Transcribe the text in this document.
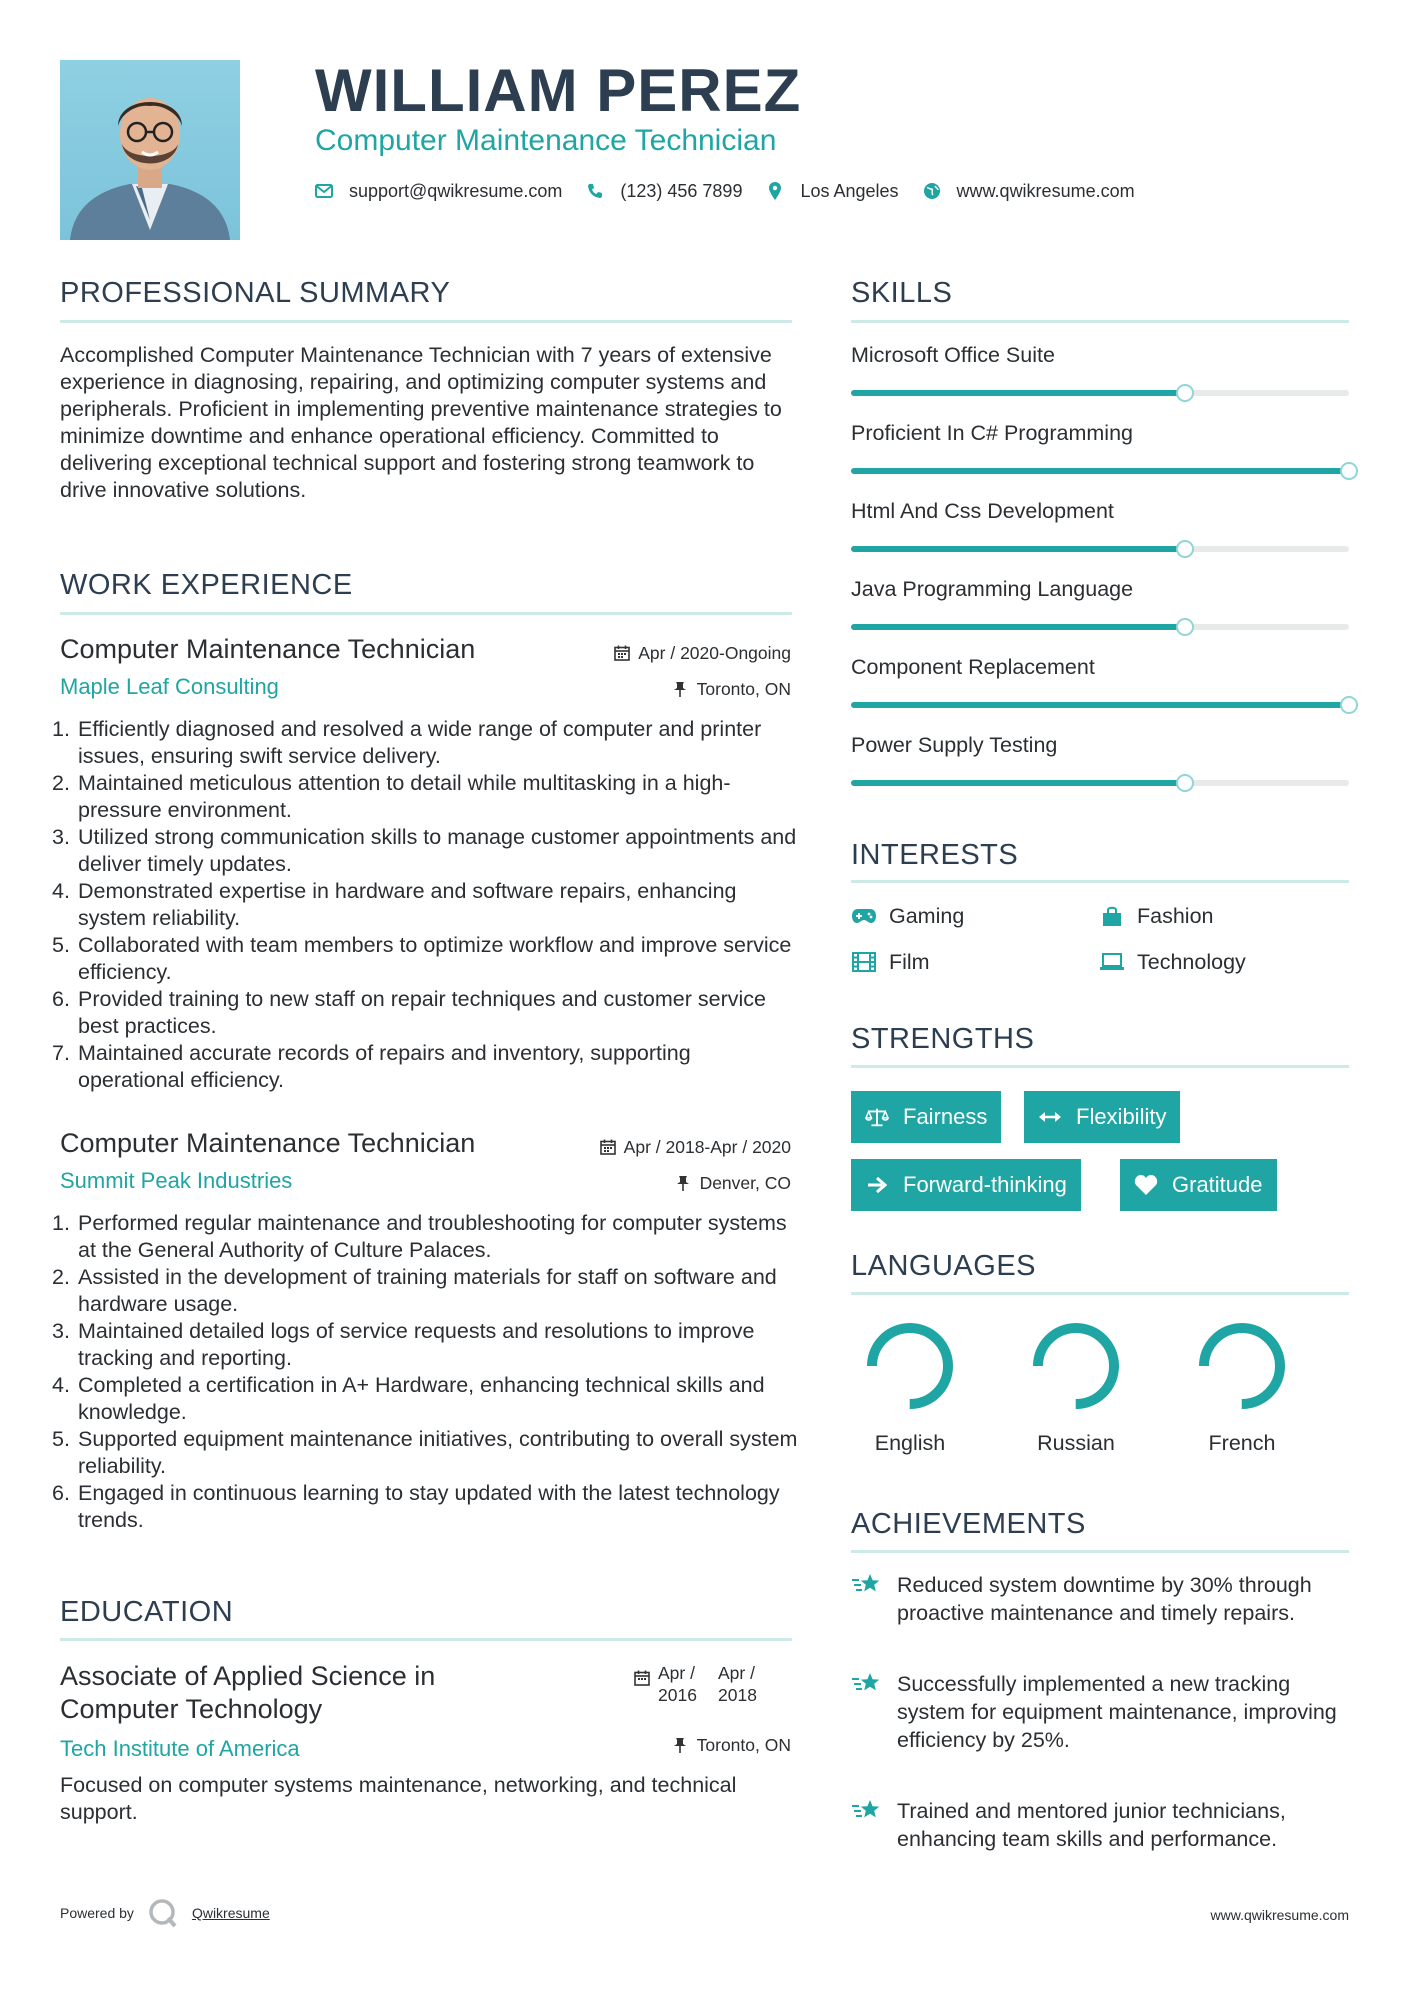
WILLIAM PEREZ
Computer Maintenance Technician
support@qwikresume.com	(123) 456 7899	Los Angeles	www.qwikresume.com
PROFESSIONAL SUMMARY
Accomplished Computer Maintenance Technician with 7 years of extensive experience in diagnosing, repairing, and optimizing computer systems and peripherals. Proficient in implementing preventive maintenance strategies to minimize downtime and enhance operational efficiency. Committed to delivering exceptional technical support and fostering strong teamwork to drive innovative solutions.
WORK EXPERIENCE
Computer Maintenance Technician	Apr / 2020-Ongoing
Maple Leaf Consulting	Toronto, ON
1. Efficiently diagnosed and resolved a wide range of computer and printer issues, ensuring swift service delivery.
2. Maintained meticulous attention to detail while multitasking in a high-pressure environment.
3. Utilized strong communication skills to manage customer appointments and deliver timely updates.
4. Demonstrated expertise in hardware and software repairs, enhancing system reliability.
5. Collaborated with team members to optimize workflow and improve service efficiency.
6. Provided training to new staff on repair techniques and customer service best practices.
7. Maintained accurate records of repairs and inventory, supporting operational efficiency.
Computer Maintenance Technician	Apr / 2018-Apr / 2020
Summit Peak Industries	Denver, CO
1. Performed regular maintenance and troubleshooting for computer systems at the General Authority of Culture Palaces.
2. Assisted in the development of training materials for staff on software and hardware usage.
3. Maintained detailed logs of service requests and resolutions to improve tracking and reporting.
4. Completed a certification in A+ Hardware, enhancing technical skills and knowledge.
5. Supported equipment maintenance initiatives, contributing to overall system reliability.
6. Engaged in continuous learning to stay updated with the latest technology trends.
EDUCATION
Associate of Applied Science in
Computer Technology
Apr /
2016
Apr /
2018
Tech Institute of America	Toronto, ON
Focused on computer systems maintenance, networking, and technical support.
SKILLS
Microsoft Office Suite
Proficient In C# Programming
Html And Css Development
Java Programming Language
Component Replacement
Power Supply Testing
INTERESTS
Gaming	Fashion
Film	Technology
STRENGTHS
Fairness	Flexibility
Forward-thinking	Gratitude
LANGUAGES
English	Russian	French
ACHIEVEMENTS
Reduced system downtime by 30% through proactive maintenance and timely repairs.
Successfully implemented a new tracking system for equipment maintenance, improving efficiency by 25%.
Trained and mentored junior technicians, enhancing team skills and performance.
Powered by	Qwikresume	www.qwikresume.com
